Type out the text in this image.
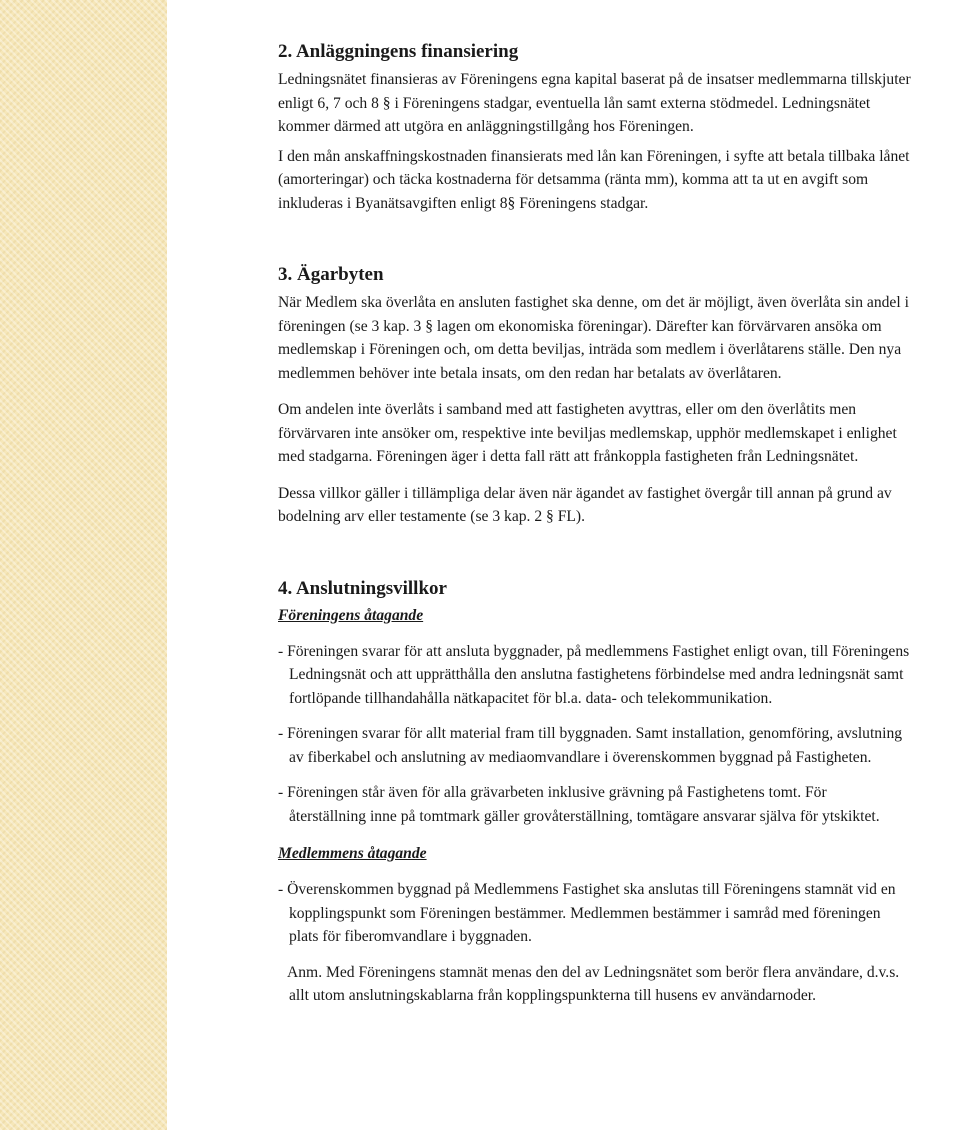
2. Anläggningens finansiering

Ledningsnätet finansieras av Föreningens egna kapital baserat på de insatser medlemmarna tillskjuter
enligt 6, 7 och 8 § i Föreningens stadgar, eventuella lån samt externa stödmedel. Ledningsnätet
kommer därmed att utgöra en anläggningstillgång hos Föreningen.

I den mån anskaffningskostnaden finansierats med lån kan Föreningen, i syfte att betala tillbaka lånet
(amorteringar) och täcka kostnaderna för detsamma (ränta mm), komma att ta ut en avgift som
inkluderas i Byanätsavgiften enligt 8§ Föreningens stadgar.

3. Ägarbyten

När Medlem ska överlåta en ansluten fastighet ska denne, om det är möjligt, även överlåta sin andel i
föreningen (se 3 kap. 3 § lagen om ekonomiska föreningar). Därefter kan förvärvaren ansöka om
medlemskap i Föreningen och, om detta beviljas, inträda som medlem i överlåtarens ställe. Den nya
medlemmen behöver inte betala insats, om den redan har betalats av överlåtaren.

Om andelen inte överlåts i samband med att fastigheten avyttras, eller om den överlåtits men
förvärvaren inte ansöker om, respektive inte beviljas medlemskap, upphör medlemskapet i enlighet
med stadgarna. Föreningen äger i detta fall rätt att frånkoppla fastigheten från Ledningsnätet.

Dessa villkor gäller i tillämpliga delar även när ägandet av fastighet övergår till annan på grund av
bodelning arv eller testamente (se 3 kap. 2 § FL).

4. Anslutningsvillkor
Föreningens åtagande

- Föreningen svarar för att ansluta byggnader, på medlemmens Fastighet enligt ovan, till Föreningens
Ledningsnät och att upprätthålla den anslutna fastighetens förbindelse med andra ledningsnät samt
fortlöpande tillhandahålla nätkapacitet för bl.a. data- och telekommunikation.

- Föreningen svarar för allt material fram till byggnaden. Samt installation, genomföring, avslutning
av fiberkabel och anslutning av mediaomvandlare i överenskommen byggnad på Fastigheten.

- Föreningen står även för alla grävarbeten inklusive grävning på Fastighetens tomt. För
återställning inne på tomtmark gäller grovåterställning, tomtägare ansvarar själva för ytskiktet.

Medlemmens åtagande

- Överenskommen byggnad på Medlemmens Fastighet ska anslutas till Föreningens stamnät vid en
kopplingspunkt som Föreningen bestämmer. Medlemmen bestämmer i samråd med föreningen
plats för fiberomvandlare i byggnaden.

Anm. Med Föreningens stamnät menas den del av Ledningsnätet som berör flera användare, d.v.s.
allt utom anslutningskablarna från kopplingspunkterna till husens ev användarnoder.
